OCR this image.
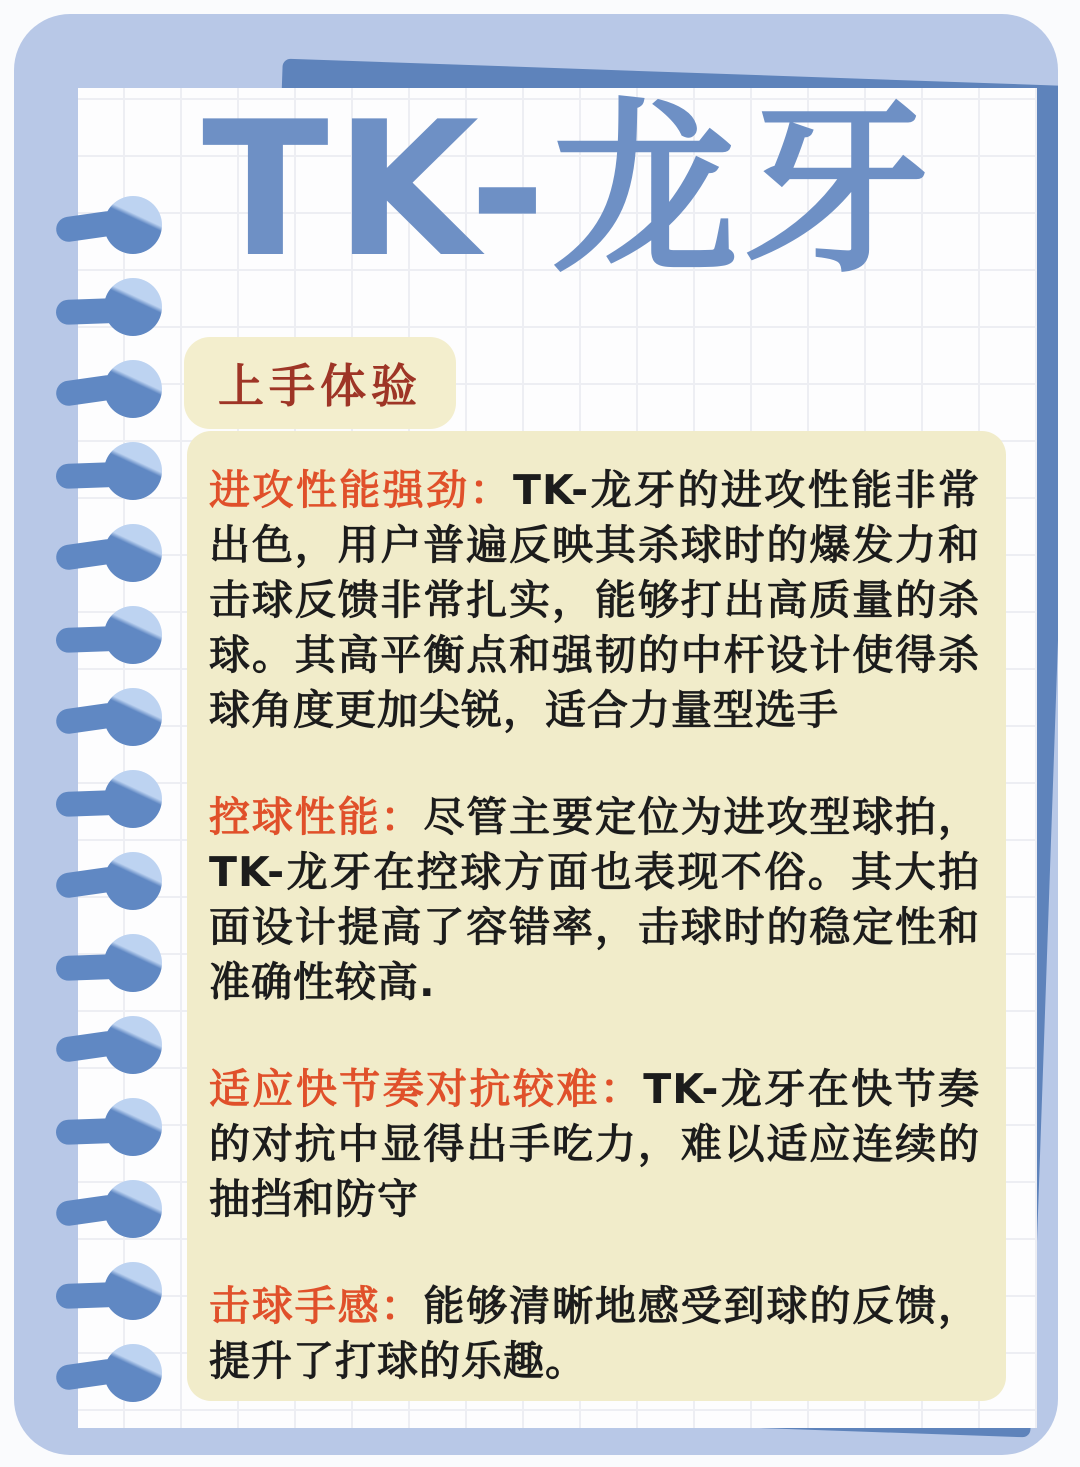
TK-龙牙
上手体验

进攻性能强劲：TK-龙牙的进攻性能非常出色，用户普遍反映其杀球时的爆发力和击球反馈非常扎实，能够打出高质量的杀球。其高平衡点和强韧的中杆设计使得杀球角度更加尖锐，适合力量型选手

控球性能：尽管主要定位为进攻型球拍，TK-龙牙在控球方面也表现不俗。其大拍面设计提高了容错率，击球时的稳定性和准确性较高.

适应快节奏对抗较难：TK-龙牙在快节奏的对抗中显得出手吃力，难以适应连续的抽挡和防守

击球手感：能够清晰地感受到球的反馈，提升了打球的乐趣。
